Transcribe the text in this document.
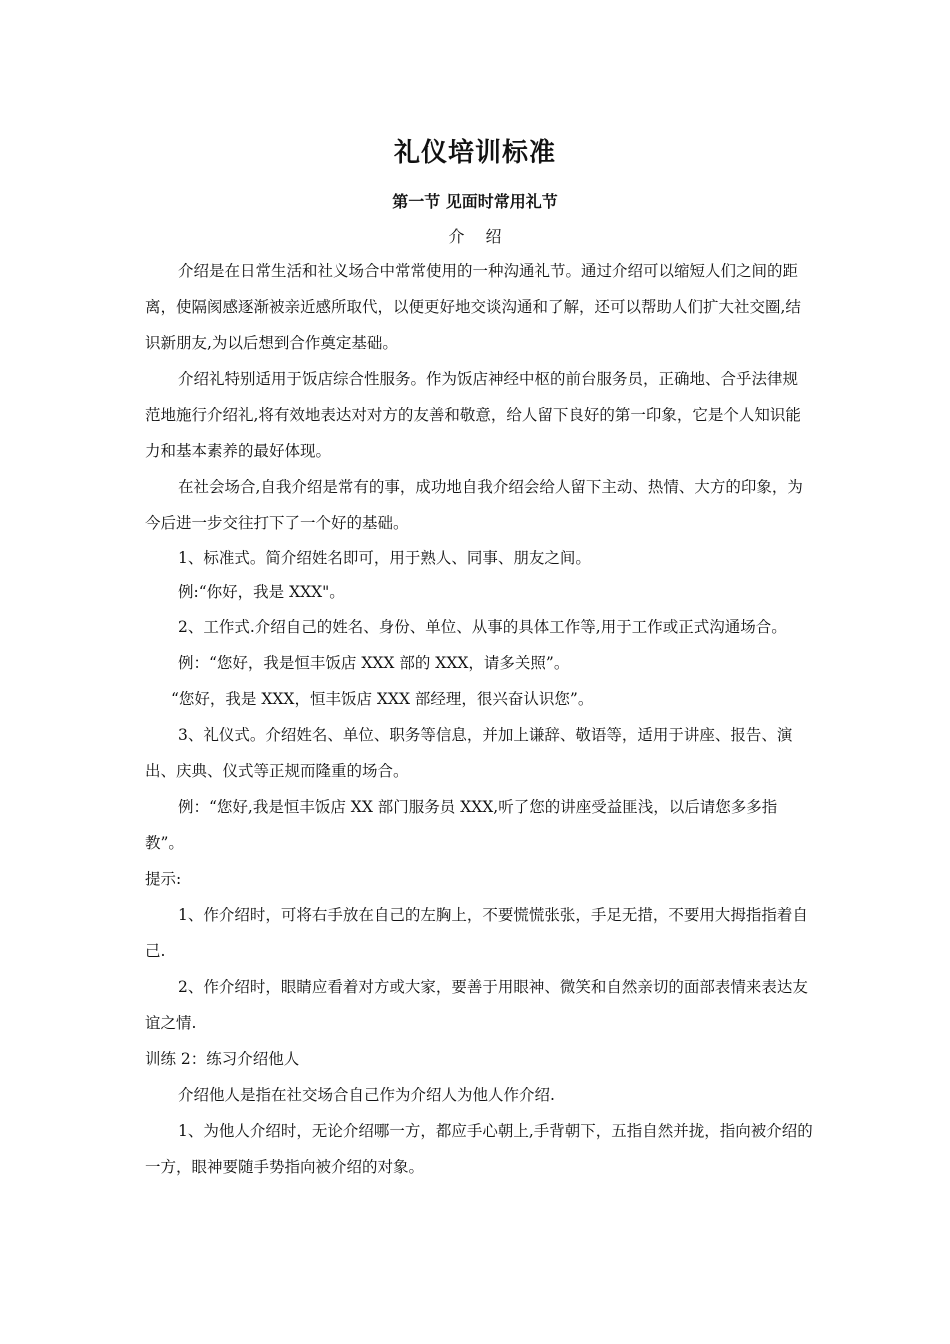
礼仪培训标准
第一节 见面时常用礼节
介 绍

介绍是在日常生活和社义场合中常常使用的一种沟通礼节。通过介绍可以缩短人们之间的距离，使隔阂感逐渐被亲近感所取代，以便更好地交谈沟通和了解，还可以帮助人们扩大社交圈,结识新朋友,为以后想到合作奠定基础。

介绍礼特别适用于饭店综合性服务。作为饭店神经中枢的前台服务员，正确地、合乎法律规范地施行介绍礼,将有效地表达对对方的友善和敬意，给人留下良好的第一印象，它是个人知识能力和基本素养的最好体现。

在社会场合,自我介绍是常有的事，成功地自我介绍会给人留下主动、热情、大方的印象，为今后进一步交往打下了一个好的基础。

1、标准式。简介绍姓名即可，用于熟人、同事、朋友之间。

例:“你好，我是 XXX"。

2、工作式.介绍自己的姓名、身份、单位、从事的具体工作等,用于工作或正式沟通场合。

例：“您好，我是恒丰饭店 XXX 部的 XXX，请多关照”。

“您好，我是 XXX，恒丰饭店 XXX 部经理，很兴奋认识您”。

3、礼仪式。介绍姓名、单位、职务等信息，并加上谦辞、敬语等，适用于讲座、报告、演出、庆典、仪式等正规而隆重的场合。

例：“您好,我是恒丰饭店 XX 部门服务员 XXX,听了您的讲座受益匪浅，以后请您多多指教”。

提示:

1、作介绍时，可将右手放在自己的左胸上，不要慌慌张张，手足无措，不要用大拇指指着自己.

2、作介绍时，眼睛应看着对方或大家，要善于用眼神、微笑和自然亲切的面部表情来表达友谊之情.

训练 2：练习介绍他人

介绍他人是指在社交场合自己作为介绍人为他人作介绍.

1、为他人介绍时，无论介绍哪一方，都应手心朝上,手背朝下，五指自然并拢，指向被介绍的一方，眼神要随手势指向被介绍的对象。
